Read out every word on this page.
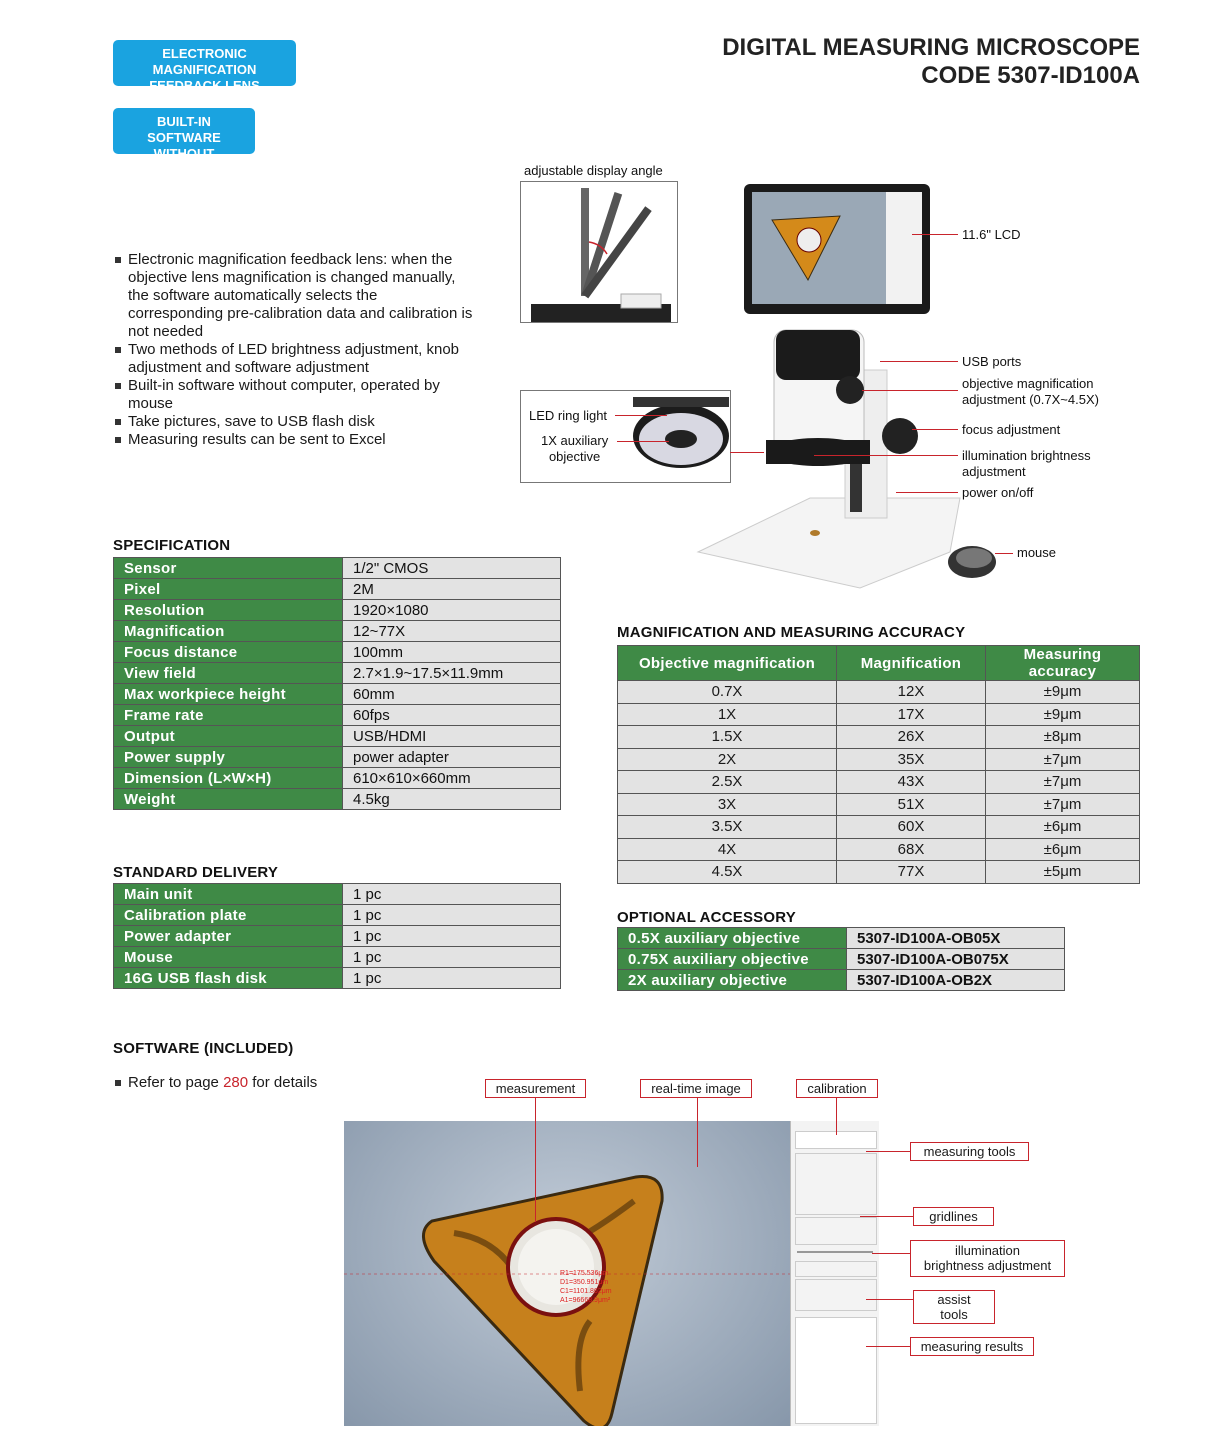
ELECTRONIC MAGNIFICATION
FEEDBACK LENS
BUILT-IN SOFTWARE
WITHOUT COMPUTER
DIGITAL MEASURING MICROSCOPE
CODE 5307-ID100A
Electronic magnification feedback lens: when the objective lens magnification is changed manually, the software automatically selects the corresponding pre-calibration data and calibration is not needed
Two methods of LED brightness adjustment, knob adjustment and software adjustment
Built-in software without computer, operated by mouse
Take pictures, save to USB flash disk
Measuring results can be sent to Excel
adjustable display angle
LED ring light
1X auxiliary
objective
11.6" LCD
USB ports
objective magnification
adjustment (0.7X~4.5X)
focus adjustment
illumination brightness
adjustment
power on/off
mouse
SPECIFICATION
Sensor	1/2" CMOS
Pixel	2M
Resolution	1920×1080
Magnification	12~77X
Focus distance	100mm
View field	2.7×1.9~17.5×11.9mm
Max workpiece height	60mm
Frame rate	60fps
Output	USB/HDMI
Power supply	power adapter
Dimension (L×W×H)	610×610×660mm
Weight	4.5kg
STANDARD DELIVERY
Main unit	1 pc
Calibration plate	1 pc
Power adapter	1 pc
Mouse	1 pc
16G USB flash disk	1 pc
MAGNIFICATION AND MEASURING ACCURACY
Objective magnification	Magnification	Measuring accuracy
0.7X	12X	±9μm
1X	17X	±9μm
1.5X	26X	±8μm
2X	35X	±7μm
2.5X	43X	±7μm
3X	51X	±7μm
3.5X	60X	±6μm
4X	68X	±6μm
4.5X	77X	±5μm
OPTIONAL ACCESSORY
0.5X auxiliary objective	5307-ID100A-OB05X
0.75X auxiliary objective	5307-ID100A-OB075X
2X auxiliary objective	5307-ID100A-OB2X
SOFTWARE (INCLUDED)
Refer to page 280 for details
R1=175.536μm
D1=350.951μm
C1=1101.862μm
A1=96668.9μm²
measurement	real-time image	calibration
measuring tools
gridlines
illumination
brightness adjustment
assist tools
measuring results
